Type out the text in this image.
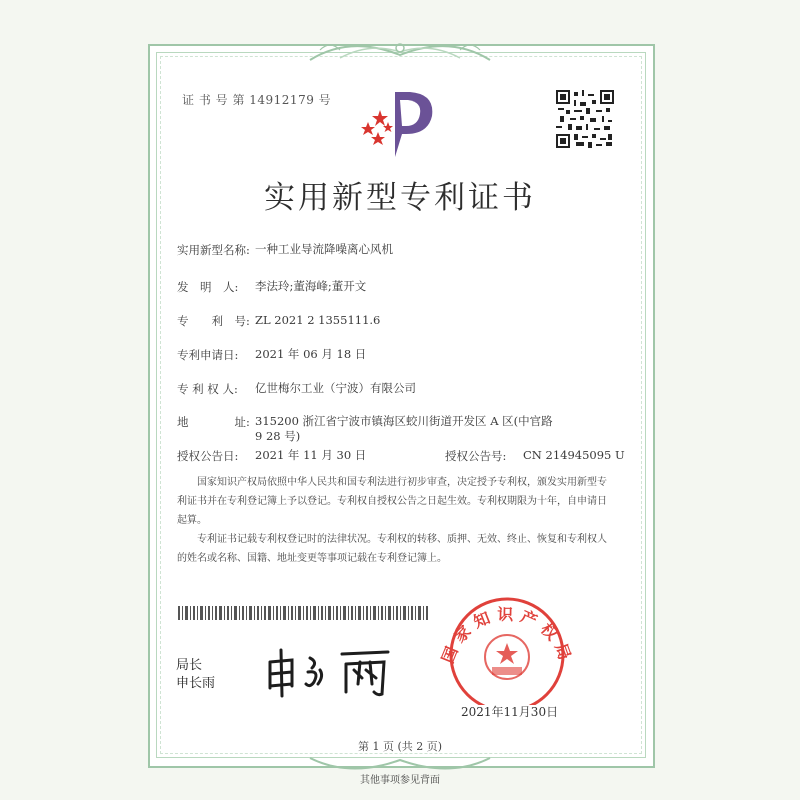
证 书 号 第 14912179 号
实用新型专利证书
实用新型名称: 一种工业导流降噪离心风机
发　明　人:	李法玲;董海峰;董开文
专　　利　号: ZL 2021 2 1355111.6
专利申请日:	2021 年 06 月 18 日
专 利 权 人:	亿世梅尔工业（宁波）有限公司
地　　　　址: 315200 浙江省宁波市镇海区蛟川街道开发区 A 区(中官路 9 28 号)
授权公告日:	2021 年 11 月 30 日	授权公告号:	CN 214945095 U
国家知识产权局依照中华人民共和国专利法进行初步审查，决定授予专利权，颁发实用新型专利证书并在专利登记簿上予以登记。专利权自授权公告之日起生效。专利权期限为十年，自申请日起算。
专利证书记载专利权登记时的法律状况。专利权的转移、质押、无效、终止、恢复和专利权人的姓名或名称、国籍、地址变更等事项记载在专利登记簿上。
局长
申长雨
国家知识产权局
2021年11月30日
第 1 页 (共 2 页)
其他事项参见背面
